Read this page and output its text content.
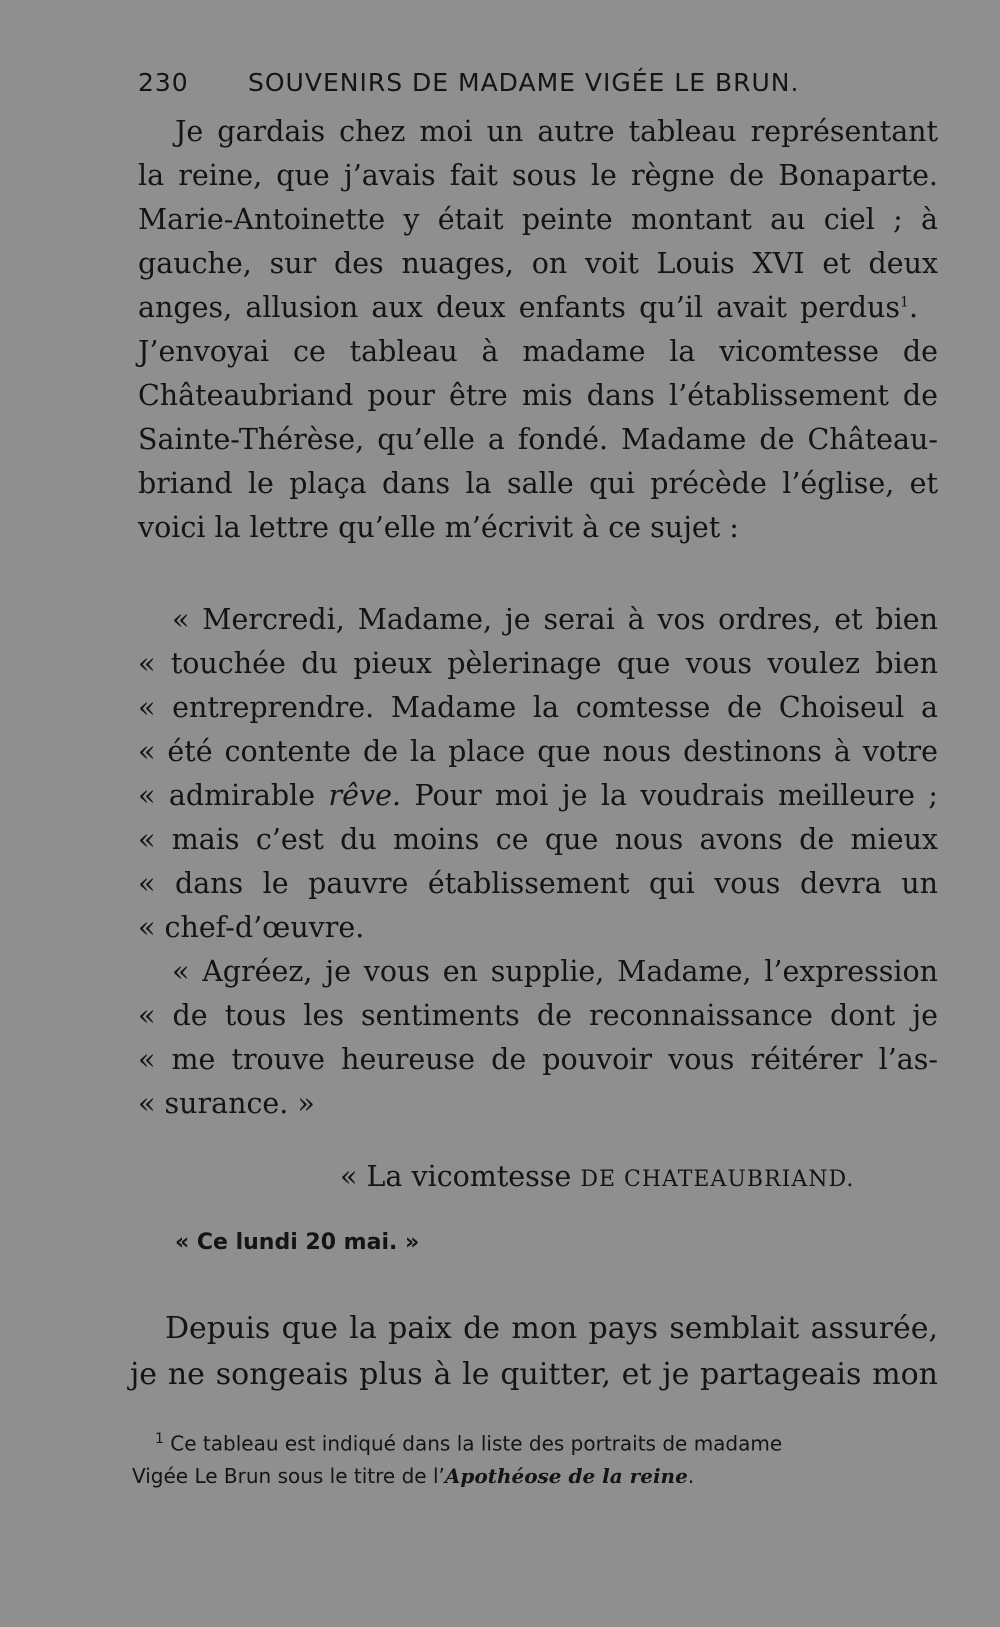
230 SOUVENIRS DE MADAME VIGÉE LE BRUN.
Je gardais chez moi un autre tableau représentant
la reine, que j’avais fait sous le règne de Bonaparte.
Marie-Antoinette y était peinte montant au ciel ; à
gauche, sur des nuages, on voit Louis XVI et deux
anges, allusion aux deux enfants qu’il avait perdus$^1$.
J’envoyai ce tableau à madame la vicomtesse de
Châteaubriand pour être mis dans l’établissement de
Sainte-Thérèse, qu’elle a fondé. Madame de Château-
briand le plaça dans la salle qui précède l’église, et
voici la lettre qu’elle m’écrivit à ce sujet :
« Mercredi, Madame, je serai à vos ordres, et bien
« touchée du pieux pèlerinage que vous voulez bien
« entreprendre. Madame la comtesse de Choiseul a
« été contente de la place que nous destinons à votre
« admirable rêve. Pour moi je la voudrais meilleure ;
« mais c’est du moins ce que nous avons de mieux
« dans le pauvre établissement qui vous devra un
« chef-d’œuvre.
« Agréez, je vous en supplie, Madame, l’expression
« de tous les sentiments de reconnaissance dont je
« me trouve heureuse de pouvoir vous réitérer l’as-
« surance. »
« La vicomtesse DE CHATEAUBRIAND.
« Ce lundi 20 mai. »
Depuis que la paix de mon pays semblait assurée,
je ne songeais plus à le quitter, et je partageais mon
$^1$ Ce tableau est indiqué dans la liste des portraits de madame
Vigée Le Brun sous le titre de l’Apothéose de la reine.
